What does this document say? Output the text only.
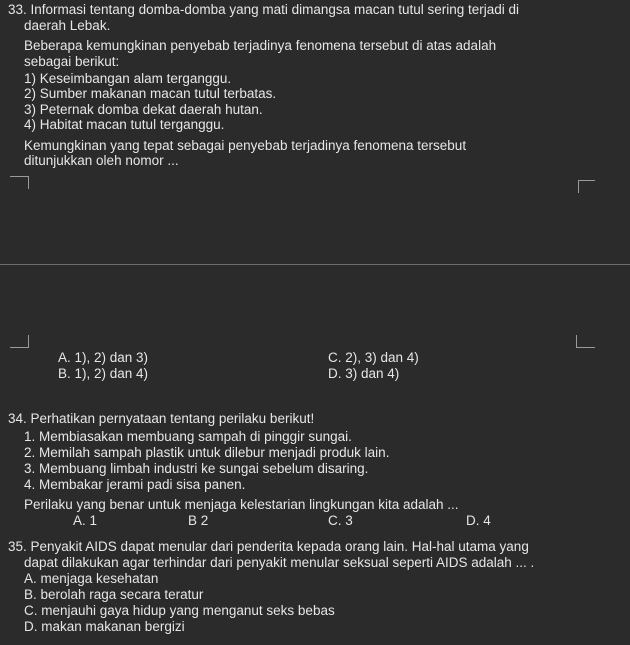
33. Informasi tentang domba-domba yang mati dimangsa macan tutul sering terjadi di
daerah Lebak.
Beberapa kemungkinan penyebab terjadinya fenomena tersebut di atas adalah
sebagai berikut:
1) Keseimbangan alam terganggu.
2) Sumber makanan macan tutul terbatas.
3) Peternak domba dekat daerah hutan.
4) Habitat macan tutul terganggu.
Kemungkinan yang tepat sebagai penyebab terjadinya fenomena tersebut
ditunjukkan oleh nomor ...
A. 1), 2) dan 3)	C. 2), 3) dan 4)
B. 1), 2) dan 4)	D. 3) dan 4)
34. Perhatikan pernyataan tentang perilaku berikut!
1. Membiasakan membuang sampah di pinggir sungai.
2. Memilah sampah plastik untuk dilebur menjadi produk lain.
3. Membuang limbah industri ke sungai sebelum disaring.
4. Membakar jerami padi sisa panen.
Perilaku yang benar untuk menjaga kelestarian lingkungan kita adalah ...
A. 1	B 2	C. 3	D. 4
35. Penyakit AIDS dapat menular dari penderita kepada orang lain. Hal-hal utama yang
dapat dilakukan agar terhindar dari penyakit menular seksual seperti AIDS adalah ... .
A. menjaga kesehatan
B. berolah raga secara teratur
C. menjauhi gaya hidup yang menganut seks bebas
D. makan makanan bergizi
